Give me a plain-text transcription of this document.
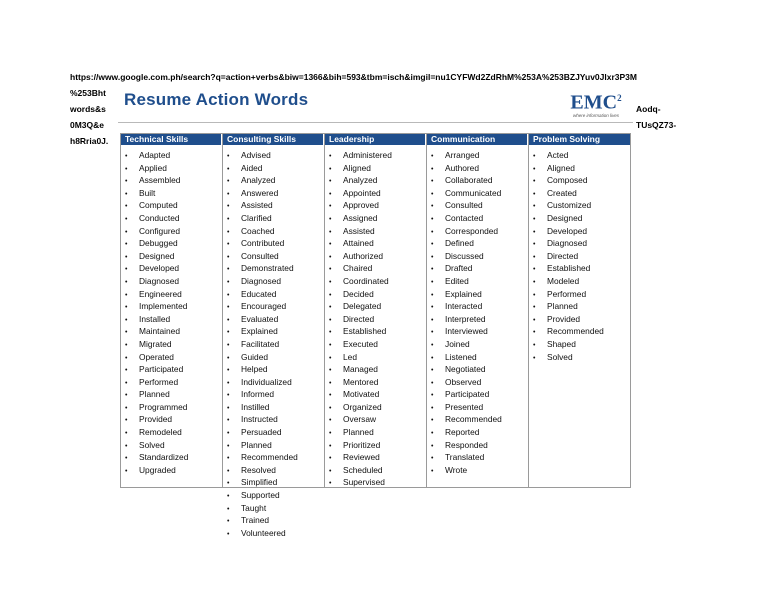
https://www.google.com.ph/search?q=action+verbs&biw=1366&bih=593&tbm=isch&imgil=nu1CYFWd2ZdRhM%253A%253BZJYuv0Jlxr3P3M
%253Bht
words&s
0M3Q&e
h8Rria0J.
Aodq-
TUsQZ73-
Resume Action Words	EMC$^2$
where information lives
Technical Skills
• Adapted
• Applied
• Assembled
• Built
• Computed
• Conducted
• Configured
• Debugged
• Designed
• Developed
• Diagnosed
• Engineered
• Implemented
• Installed
• Maintained
• Migrated
• Operated
• Participated
• Performed
• Planned
• Programmed
• Provided
• Remodeled
• Solved
• Standardized
• Upgraded
Consulting Skills
• Advised
• Aided
• Analyzed
• Answered
• Assisted
• Clarified
• Coached
• Contributed
• Consulted
• Demonstrated
• Diagnosed
• Educated
• Encouraged
• Evaluated
• Explained
• Facilitated
• Guided
• Helped
• Individualized
• Informed
• Instilled
• Instructed
• Persuaded
• Planned
• Recommended
• Resolved
• Simplified
• Supported
• Taught
• Trained
• Volunteered
Leadership
• Administered
• Aligned
• Analyzed
• Appointed
• Approved
• Assigned
• Assisted
• Attained
• Authorized
• Chaired
• Coordinated
• Decided
• Delegated
• Directed
• Established
• Executed
• Led
• Managed
• Mentored
• Motivated
• Organized
• Oversaw
• Planned
• Prioritized
• Reviewed
• Scheduled
• Supervised
Communication
• Arranged
• Authored
• Collaborated
• Communicated
• Consulted
• Contacted
• Corresponded
• Defined
• Discussed
• Drafted
• Edited
• Explained
• Interacted
• Interpreted
• Interviewed
• Joined
• Listened
• Negotiated
• Observed
• Participated
• Presented
• Recommended
• Reported
• Responded
• Translated
• Wrote
Problem Solving
• Acted
• Aligned
• Composed
• Created
• Customized
• Designed
• Developed
• Diagnosed
• Directed
• Established
• Modeled
• Performed
• Planned
• Provided
• Recommended
• Shaped
• Solved
